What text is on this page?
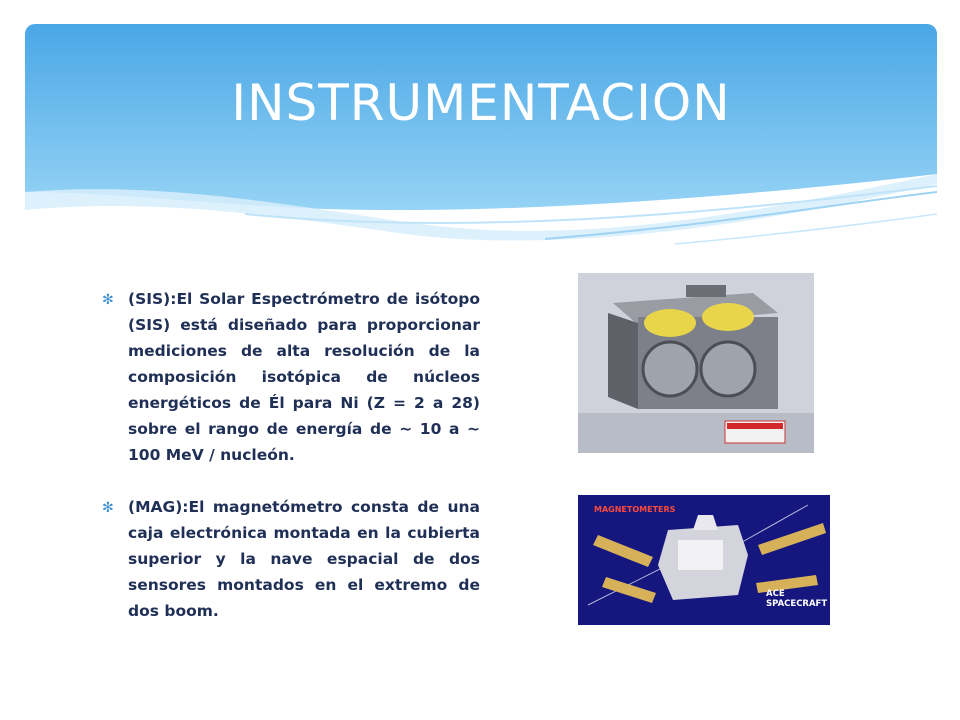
INSTRUMENTACION
✻ (SIS):El Solar Espectrómetro de isótopo (SIS) está diseñado para proporcionar mediciones de alta resolución de la composición isotópica de núcleos energéticos de Él para Ni (Z = 2 a 28) sobre el rango de energía de ~ 10 a ~ 100 MeV / nucleón.
✻ (MAG):El magnetómetro consta de una caja electrónica montada en la cubierta superior y la nave espacial de dos sensores montados en el extremo de dos boom.
MAGNETOMETERS
ACE
SPACECRAFT
